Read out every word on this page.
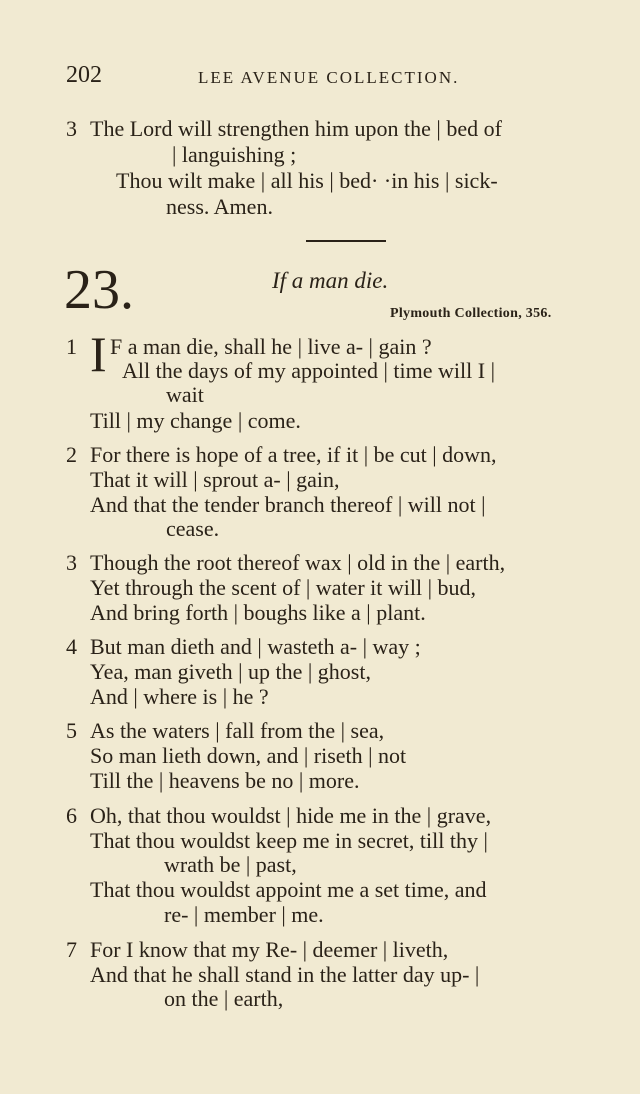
202	LEE AVENUE COLLECTION.
3 The Lord will strengthen him upon the | bed of
| languishing ;
Thou wilt make | all his | bed· ·in his | sick-
ness. Amen.
23.	If a man die.
Plymouth Collection, 356.
1 I F a man die, shall he | live a- | gain ?
All the days of my appointed | time will I |
wait
Till | my change | come.
2 For there is hope of a tree, if it | be cut | down,
That it will | sprout a- | gain,
And that the tender branch thereof | will not |
cease.
3 Though the root thereof wax | old in the | earth,
Yet through the scent of | water it will | bud,
And bring forth | boughs like a | plant.
4 But man dieth and | wasteth a- | way ;
Yea, man giveth | up the | ghost,
And | where is | he ?
5 As the waters | fall from the | sea,
So man lieth down, and | riseth | not
Till the | heavens be no | more.
6 Oh, that thou wouldst | hide me in the | grave,
That thou wouldst keep me in secret, till thy |
wrath be | past,
That thou wouldst appoint me a set time, and
re- | member | me.
7 For I know that my Re- | deemer | liveth,
And that he shall stand in the latter day up- |
on the | earth,
